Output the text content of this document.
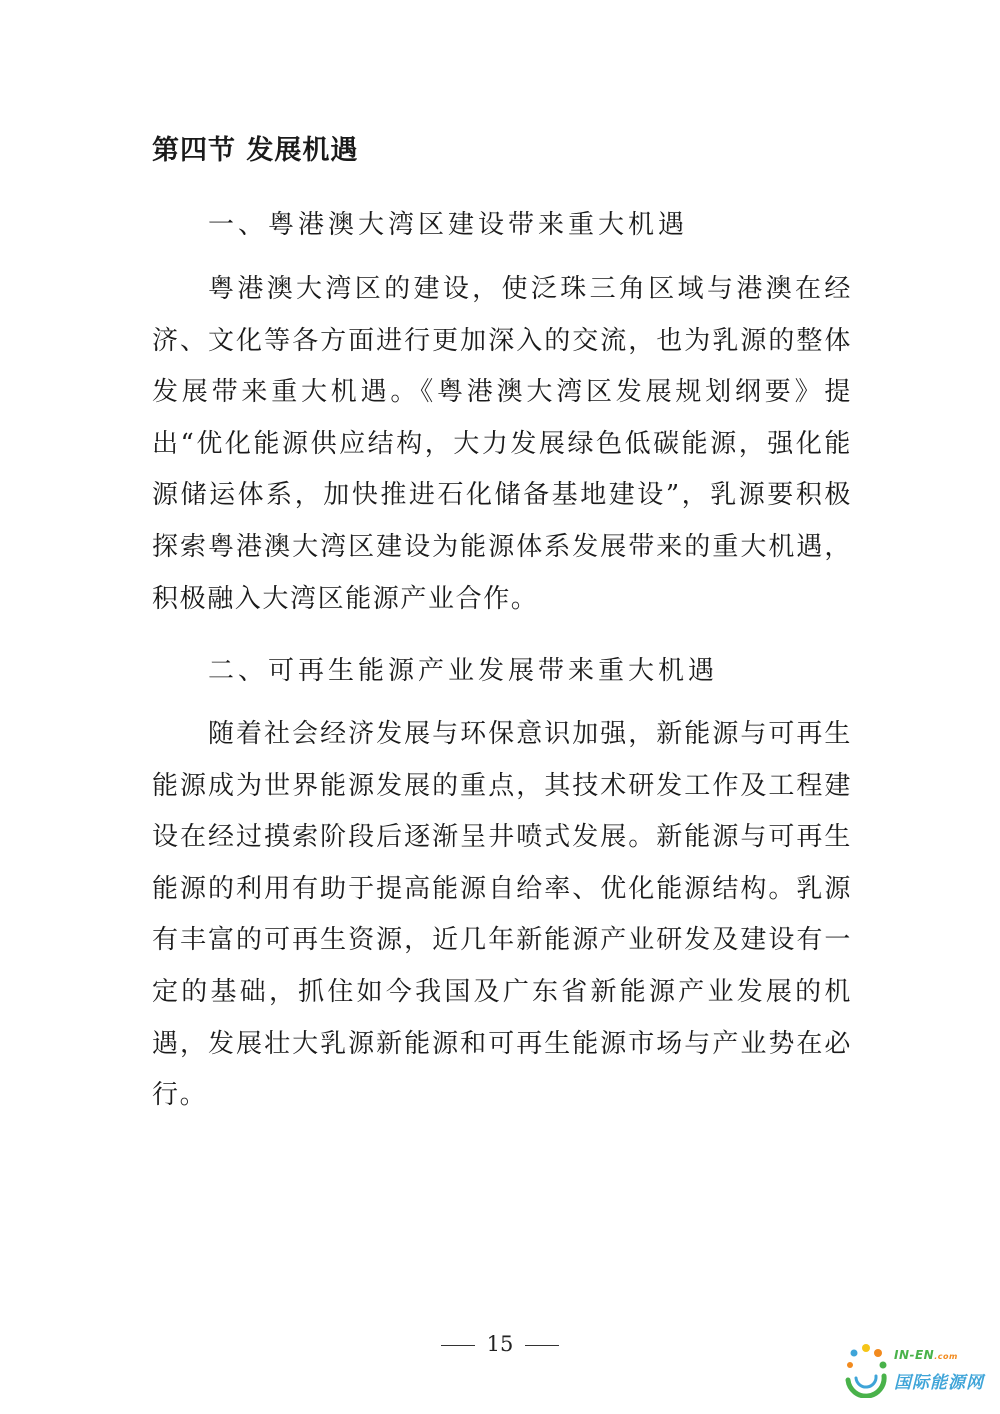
第四节 发展机遇
一、粤港澳大湾区建设带来重大机遇
粤港澳大湾区的建设，使泛珠三角区域与港澳在经济、文化等各方面进行更加深入的交流，也为乳源的整体发展带来重大机遇。《粤港澳大湾区发展规划纲要》提出“优化能源供应结构，大力发展绿色低碳能源，强化能源储运体系，加快推进石化储备基地建设”，乳源要积极探索粤港澳大湾区建设为能源体系发展带来的重大机遇，积极融入大湾区能源产业合作。
二、可再生能源产业发展带来重大机遇
随着社会经济发展与环保意识加强，新能源与可再生能源成为世界能源发展的重点，其技术研发工作及工程建设在经过摸索阶段后逐渐呈井喷式发展。新能源与可再生能源的利用有助于提高能源自给率、优化能源结构。乳源有丰富的可再生资源，近几年新能源产业研发及建设有一定的基础，抓住如今我国及广东省新能源产业发展的机遇，发展壮大乳源新能源和可再生能源市场与产业势在必行。
15	IN-EN.com
国际能源网
